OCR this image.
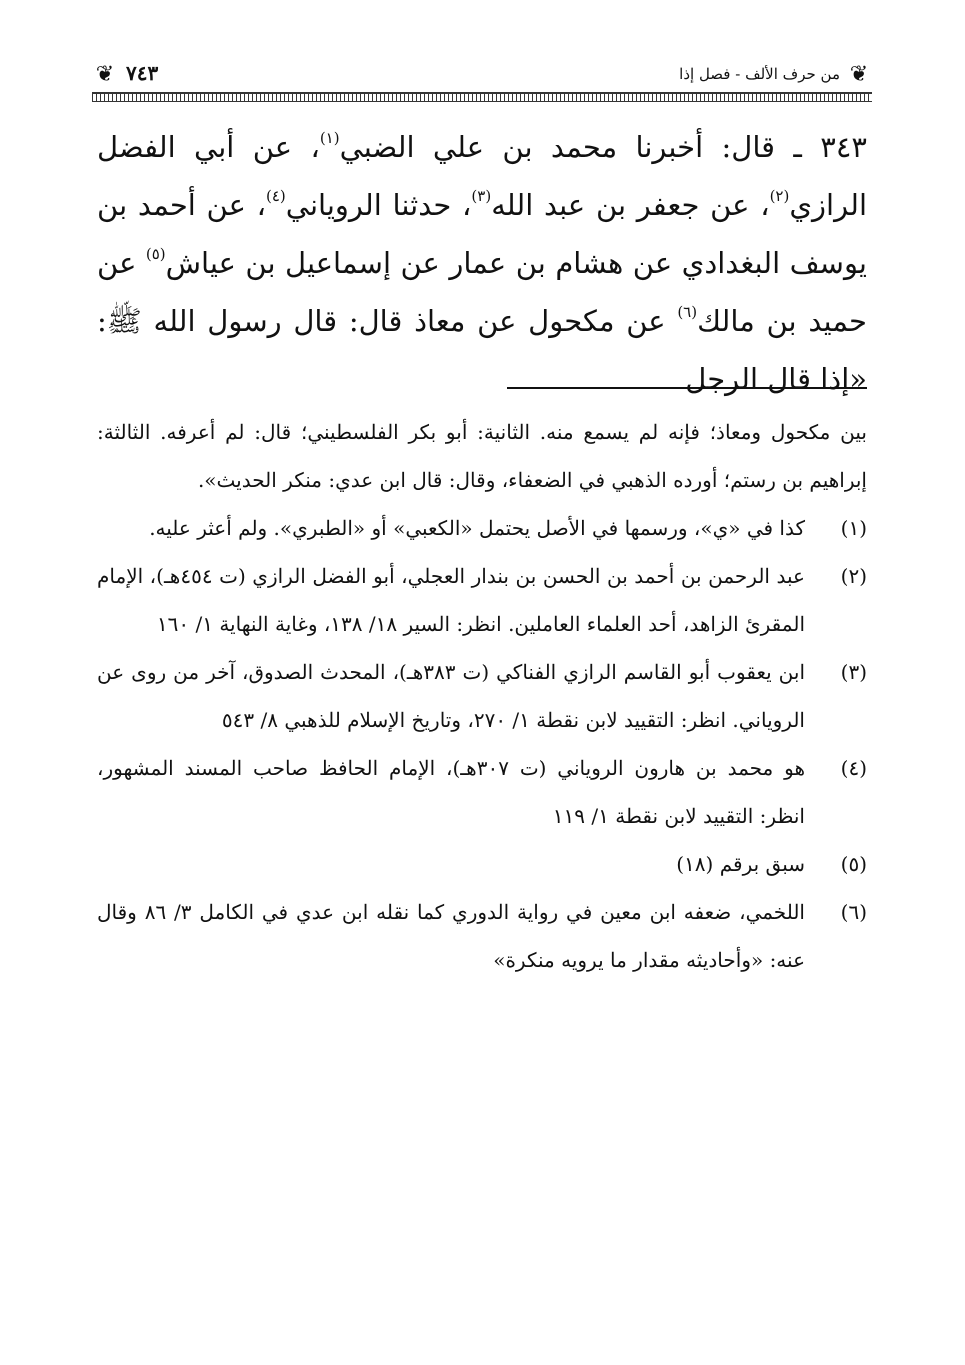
❦
من حرف الألف - فصل إذا
٧٤٣
❦

٣٤٣ ـ قال: أخبرنا محمد بن علي الضبي$^{(١)}$، عن أبي الفضل الرازي$^{(٢)}$، عن جعفر بن عبد الله$^{(٣)}$، حدثنا الروياني$^{(٤)}$، عن أحمد بن يوسف البغدادي عن هشام بن عمار عن إسماعيل بن عياش$^{(٥)}$ عن حميد بن مالك$^{(٦)}$ عن مكحول عن معاذ قال: قال رسول الله ﷺ: «إذا قال الرجل

بين مكحول ومعاذ؛ فإنه لم يسمع منه. الثانية: أبو بكر الفلسطيني؛ قال: لم أعرفه. الثالثة: إبراهيم بن رستم؛ أورده الذهبي في الضعفاء، وقال: قال ابن عدي: منكر الحديث».

(١)
كذا في «ي»، ورسمها في الأصل يحتمل «الكعبي» أو «الطبري». ولم أعثر عليه.
(٢)
عبد الرحمن بن أحمد بن الحسن بن بندار العجلي، أبو الفضل الرازي (ت ٤٥٤هـ)، الإمام المقرئ الزاهد، أحد العلماء العاملين. انظر: السير ١٨/ ١٣٨، وغاية النهاية ١/ ١٦٠
(٣)
ابن يعقوب أبو القاسم الرازي الفناكي (ت ٣٨٣هـ)، المحدث الصدوق، آخر من روى عن الروياني. انظر: التقييد لابن نقطة ١/ ٢٧٠، وتاريخ الإسلام للذهبي ٨/ ٥٤٣
(٤)
هو محمد بن هارون الروياني (ت ٣٠٧هـ)، الإمام الحافظ صاحب المسند المشهور، انظر: التقييد لابن نقطة ١/ ١١٩
(٥)
سبق برقم (١٨)
(٦)
اللخمي، ضعفه ابن معين في رواية الدوري كما نقله ابن عدي في الكامل ٣/ ٨٦ وقال عنه: «وأحاديثه مقدار ما يرويه منكرة»
